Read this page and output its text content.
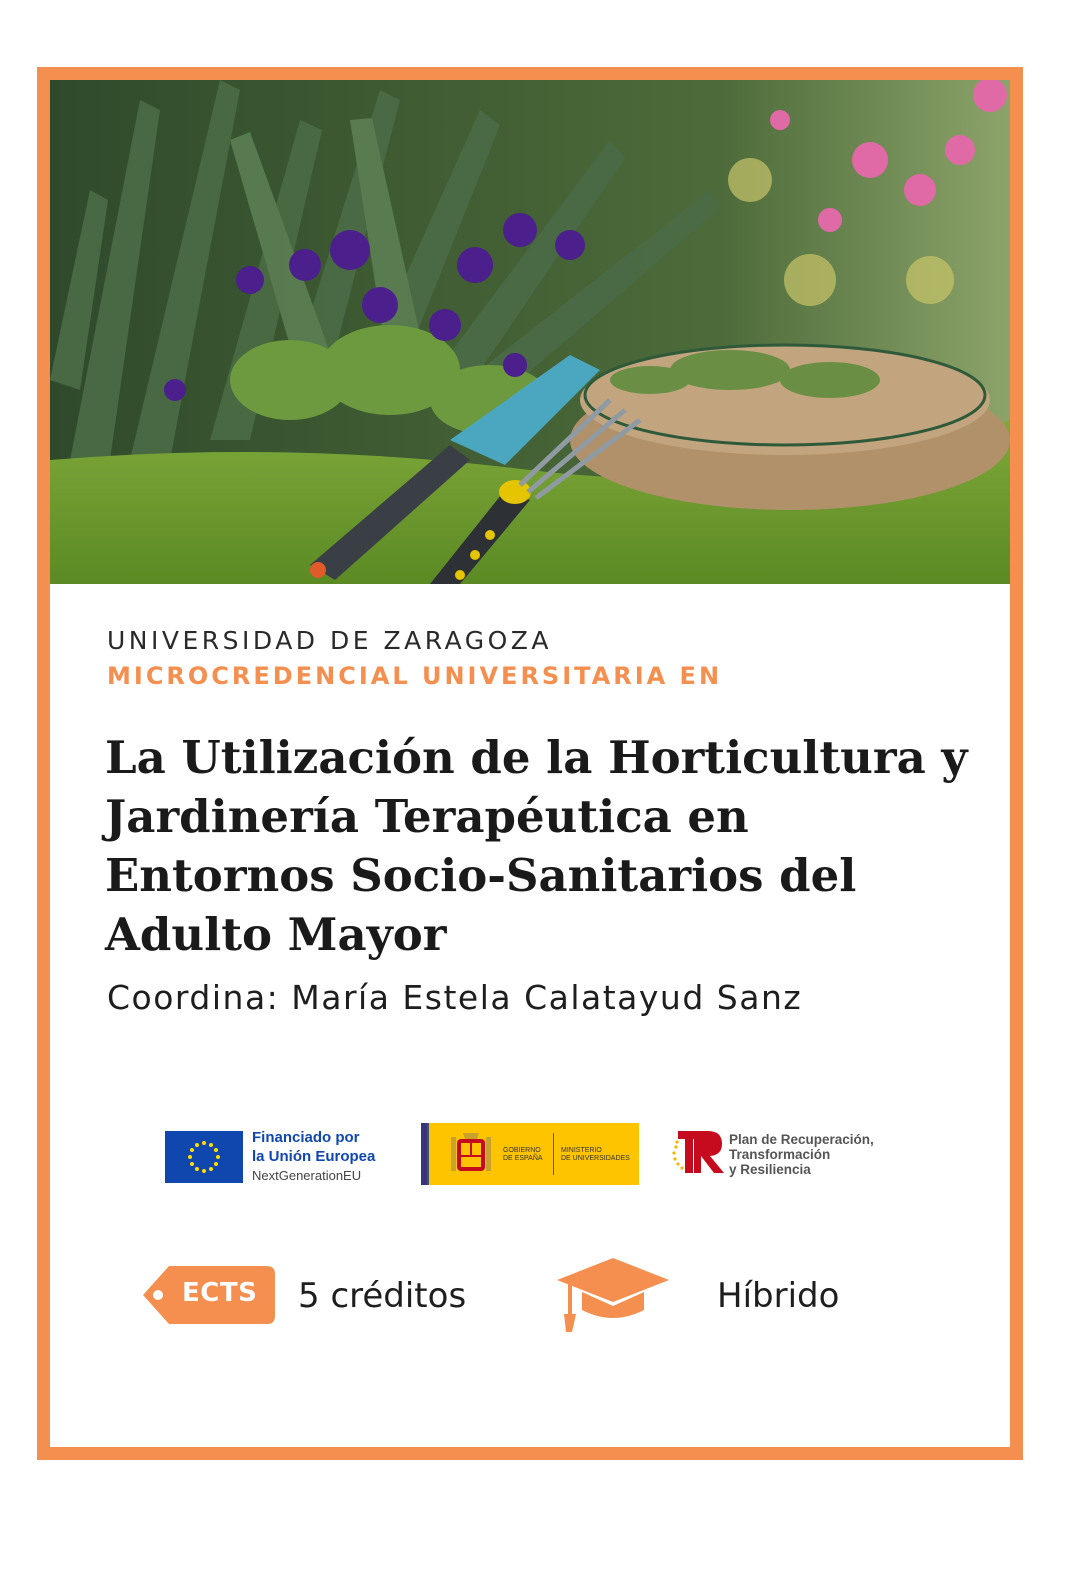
UNIVERSIDAD DE ZARAGOZA
MICROCREDENCIAL UNIVERSITARIA EN
La Utilización de la Horticultura y
Jardinería Terapéutica en
Entornos Socio-Sanitarios del
Adulto Mayor
Coordina: María Estela Calatayud Sanz
Financiado por
la Unión Europea
NextGenerationEU
GOBIERNO
DE ESPAÑA
MINISTERIO
DE UNIVERSIDADES
Plan de Recuperación,
Transformación
y Resiliencia
ECTS 5 créditos	Híbrido
